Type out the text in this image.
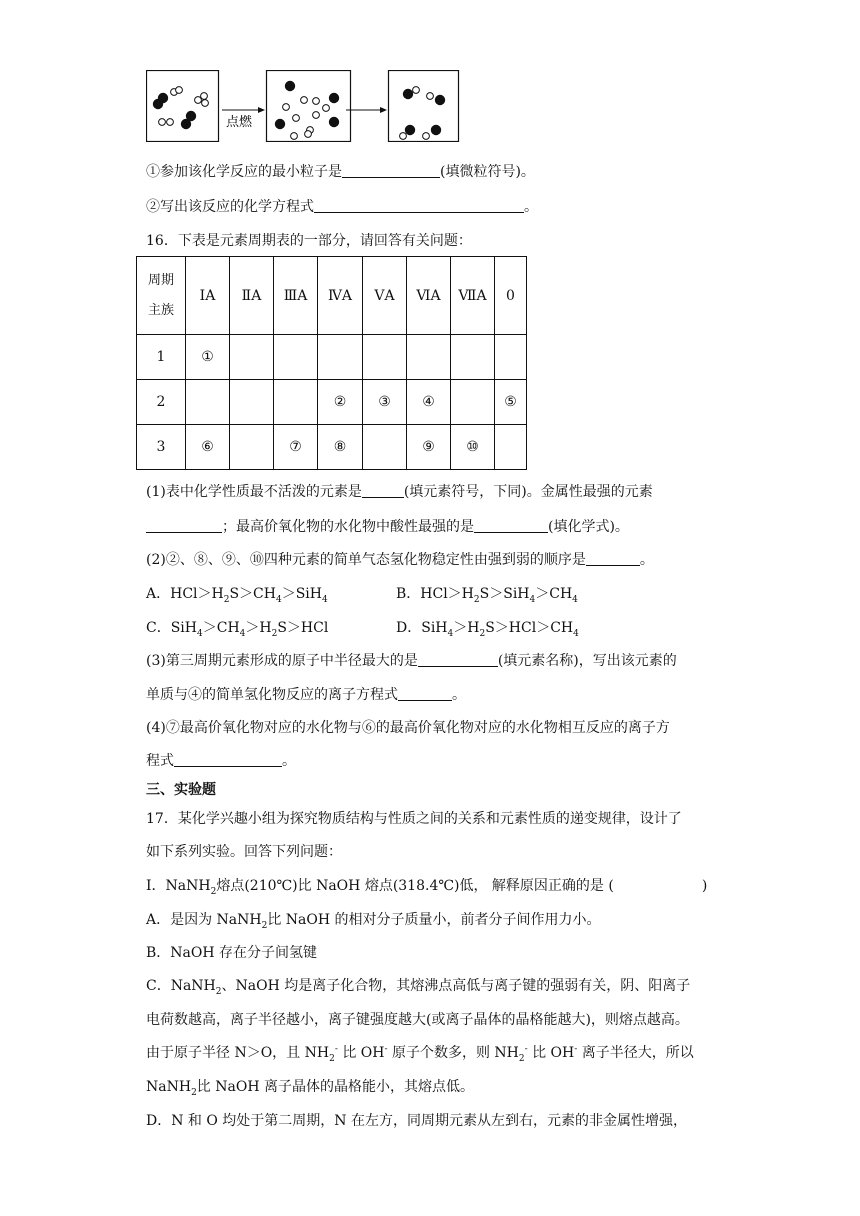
点燃
①参加该化学反应的最小粒子是	(填微粒符号)。
②写出该反应的化学方程式	。
16．下表是元素周期表的一部分，请回答有关问题：
周期
主族	ⅠA	ⅡA	ⅢA	ⅣA	ⅤA	ⅥA	ⅦA	0
1	①							
2				②	③	④		⑤
3	⑥		⑦	⑧		⑨	⑩	
(1)表中化学性质最不活泼的元素是	(填元素符号，下同)。金属性最强的元素
；最高价氧化物的水化物中酸性最强的是	(填化学式)。
(2)②、⑧、⑨、⑩四种元素的简单气态氢化物稳定性由强到弱的顺序是	。
A．$HCl>H_2S>CH_4>SiH_4$	B．$HCl>H_2S>SiH_4>CH_4$
C．$SiH_4>CH_4>H_2S>HCl$	D．$SiH_4>H_2S>HCl>CH_4$
(3)第三周期元素形成的原子中半径最大的是	(填元素名称)，写出该元素的
单质与④的简单氢化物反应的离子方程式	。
(4)⑦最高价氧化物对应的水化物与⑥的最高价氧化物对应的水化物相互反应的离子方
程式	。
三、实验题
17．某化学兴趣小组为探究物质结构与性质之间的关系和元素性质的递变规律，设计了
如下系列实验。回答下列问题：
I．NaNH$_2$熔点(210℃)比 NaOH 熔点(318.4℃)低， 解释原因正确的是 (	)
A．是因为 NaNH$_2$比 NaOH 的相对分子质量小，前者分子间作用力小。
B．NaOH 存在分子间氢键
C．NaNH$_2$、NaOH 均是离子化合物，其熔沸点高低与离子键的强弱有关，阴、阳离子
电荷数越高，离子半径越小，离子键强度越大(或离子晶体的晶格能越大)，则熔点越高。
由于原子半径 N＞O，且 $NH_2^-$ 比 OH- 原子个数多，则 $NH_2^-$ 比 OH- 离子半径大，所以
NaNH$_2$比 NaOH 离子晶体的晶格能小，其熔点低。
D．N 和 O 均处于第二周期，N 在左方，同周期元素从左到右，元素的非金属性增强，
